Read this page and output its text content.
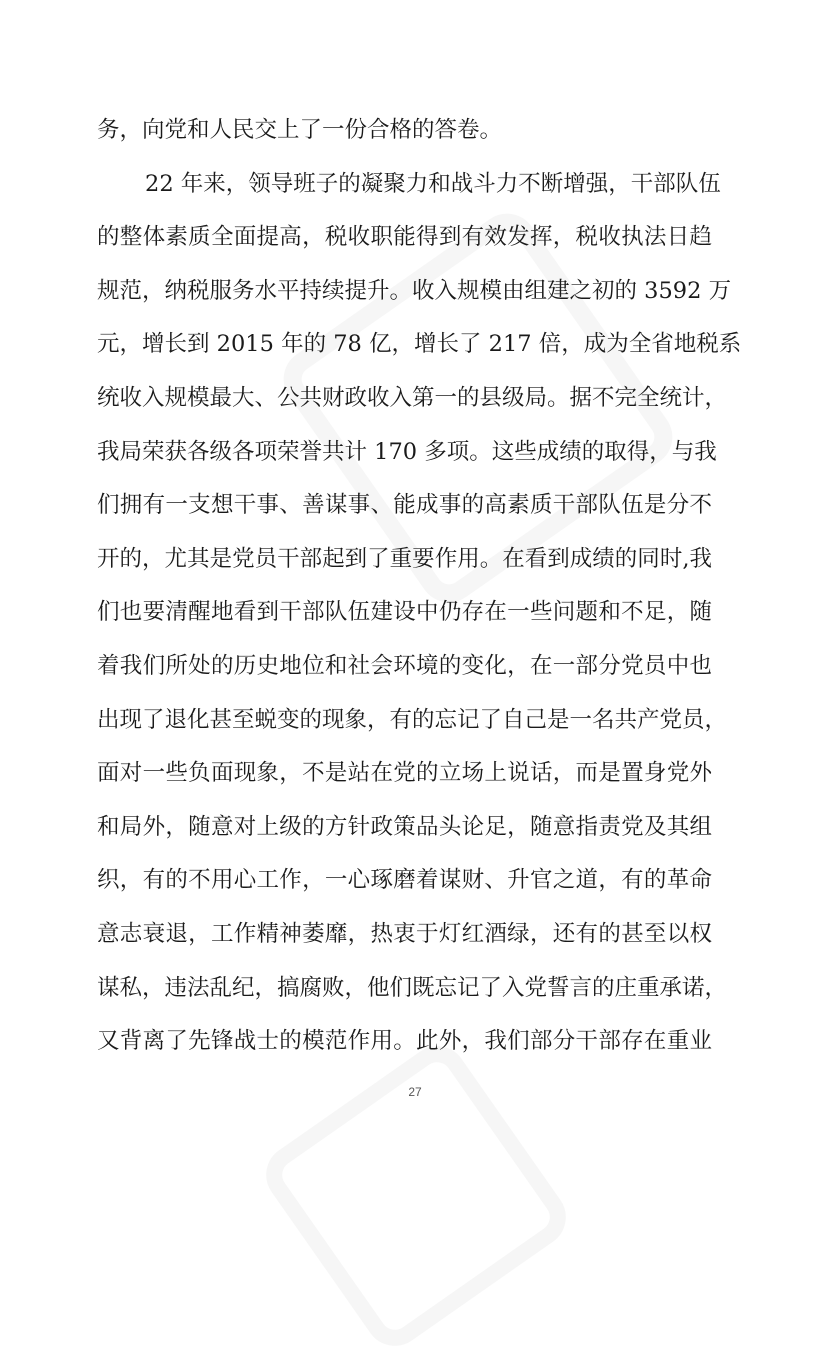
务，向党和人民交上了一份合格的答卷。
22 年来，领导班子的凝聚力和战斗力不断增强，干部队伍
的整体素质全面提高，税收职能得到有效发挥，税收执法日趋
规范，纳税服务水平持续提升。收入规模由组建之初的 3592 万
元，增长到 2015 年的 78 亿，增长了 217 倍，成为全省地税系
统收入规模最大、公共财政收入第一的县级局。据不完全统计，
我局荣获各级各项荣誉共计 170 多项。这些成绩的取得，与我
们拥有一支想干事、善谋事、能成事的高素质干部队伍是分不
开的，尤其是党员干部起到了重要作用。在看到成绩的同时,我
们也要清醒地看到干部队伍建设中仍存在一些问题和不足，随
着我们所处的历史地位和社会环境的变化，在一部分党员中也
出现了退化甚至蜕变的现象，有的忘记了自己是一名共产党员，
面对一些负面现象，不是站在党的立场上说话，而是置身党外
和局外，随意对上级的方针政策品头论足，随意指责党及其组
织，有的不用心工作，一心琢磨着谋财、升官之道，有的革命
意志衰退，工作精神萎靡，热衷于灯红酒绿，还有的甚至以权
谋私，违法乱纪，搞腐败，他们既忘记了入党誓言的庄重承诺，
又背离了先锋战士的模范作用。此外，我们部分干部存在重业
27
